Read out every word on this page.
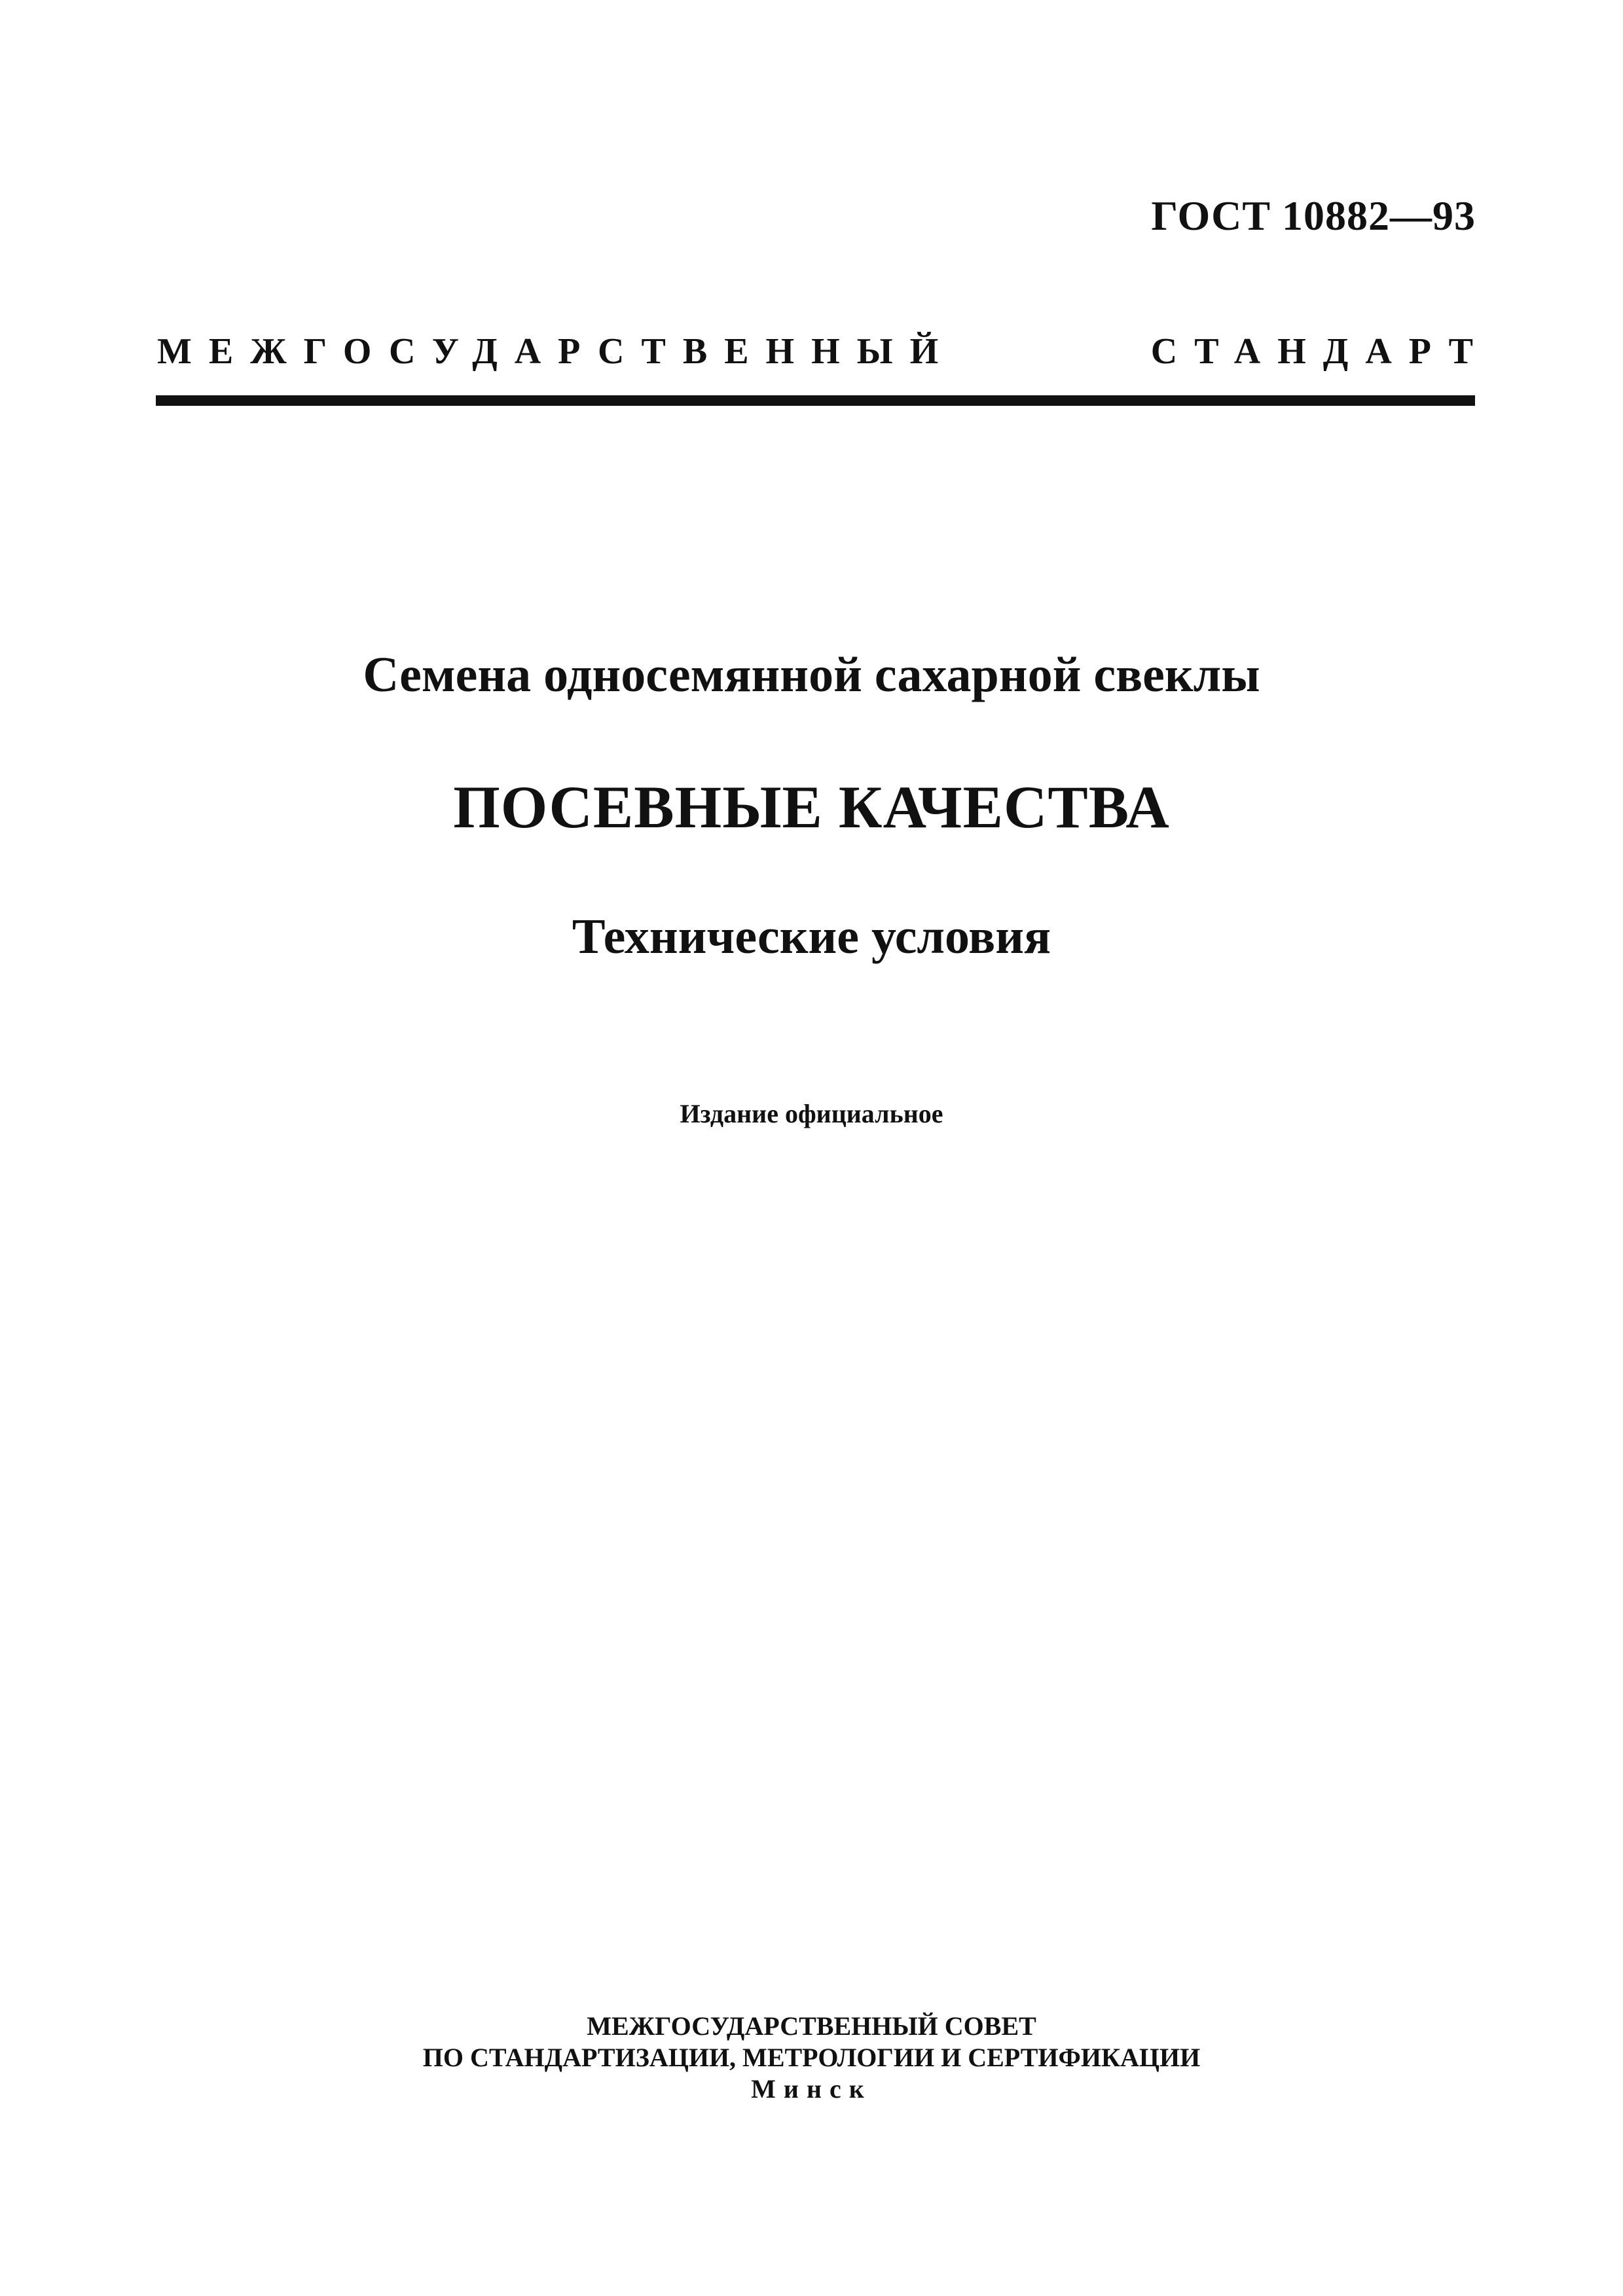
ГОСТ 10882—93
МЕЖГОСУДАРСТВЕННЫЙ	СТАНДАРТ
Семена односемянной сахарной свеклы
ПОСЕВНЫЕ КАЧЕСТВА
Технические условия
Издание официальное
МЕЖГОСУДАРСТВЕННЫЙ СОВЕТ
ПО СТАНДАРТИЗАЦИИ, МЕТРОЛОГИИ И СЕРТИФИКАЦИИ
Минск
